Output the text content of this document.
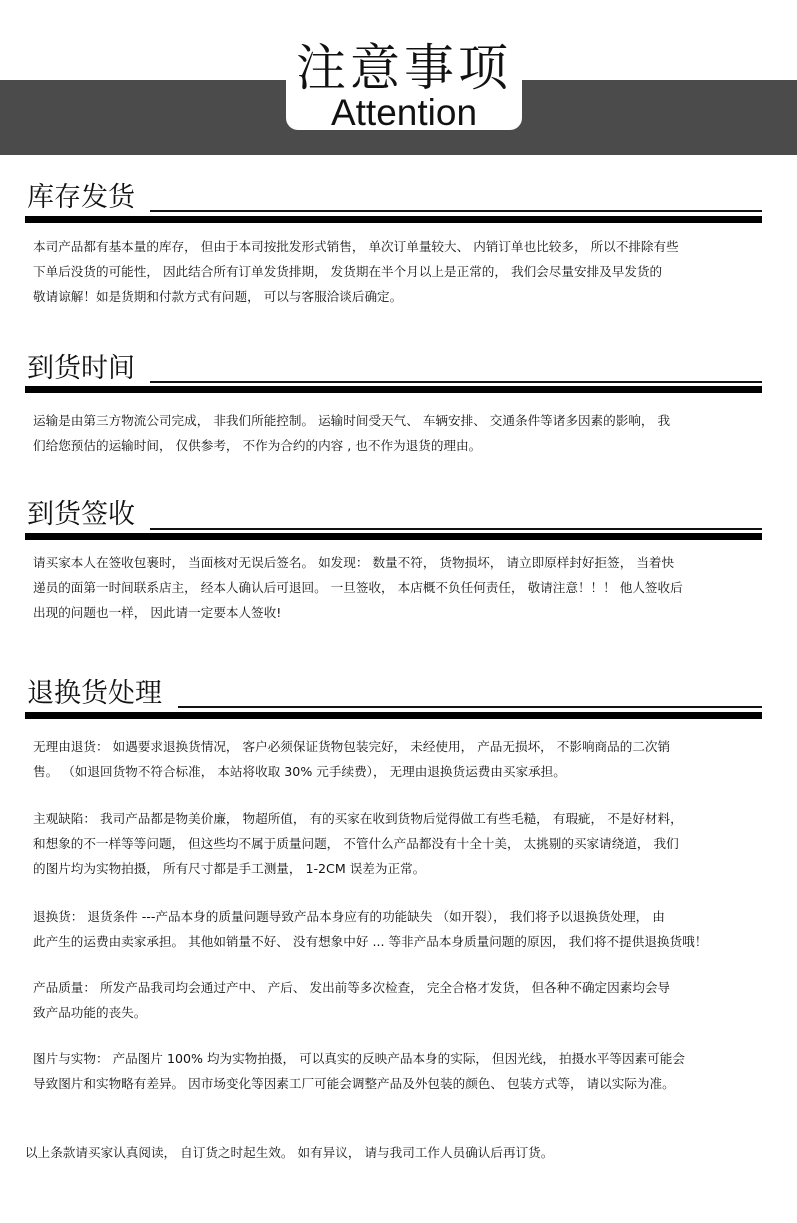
注意事项
Attention
库存发货
本司产品都有基本量的库存， 但由于本司按批发形式销售， 单次订单量较大、 内销订单也比较多， 所以不排除有些
下单后没货的可能性， 因此结合所有订单发货排期， 发货期在半个月以上是正常的， 我们会尽量安排及早发货的
敬请谅解！如是货期和付款方式有问题， 可以与客服洽谈后确定。
到货时间
运输是由第三方物流公司完成， 非我们所能控制。 运输时间受天气、 车辆安排、 交通条件等诸多因素的影响， 我
们给您预估的运输时间， 仅供参考， 不作为合约的内容 , 也不作为退货的理由。
到货签收
请买家本人在签收包裹时， 当面核对无误后签名。 如发现： 数量不符， 货物损坏， 请立即原样封好拒签， 当着快
递员的面第一时间联系店主， 经本人确认后可退回。 一旦签收， 本店概不负任何责任， 敬请注意！！！ 他人签收后
出现的问题也一样， 因此请一定要本人签收!
退换货处理
无理由退货： 如遇要求退换货情况， 客户必须保证货物包装完好， 未经使用， 产品无损坏， 不影响商品的二次销
售。 （如退回货物不符合标准， 本站将收取 30% 元手续费）， 无理由退换货运费由买家承担。
主观缺陷： 我司产品都是物美价廉， 物超所值， 有的买家在收到货物后觉得做工有些毛糙， 有瑕疵， 不是好材料，
和想象的不一样等等问题， 但这些均不属于质量问题， 不管什么产品都没有十全十美， 太挑剔的买家请绕道， 我们
的图片均为实物拍摄， 所有尺寸都是手工测量， 1-2CM 误差为正常。
退换货： 退货条件 ---产品本身的质量问题导致产品本身应有的功能缺失 （如开裂）， 我们将予以退换货处理， 由
此产生的运费由卖家承担。 其他如销量不好、 没有想象中好 ... 等非产品本身质量问题的原因， 我们将不提供退换货哦！
产品质量： 所发产品我司均会通过产中、 产后、 发出前等多次检查， 完全合格才发货， 但各种不确定因素均会导
致产品功能的丧失。
图片与实物： 产品图片 100% 均为实物拍摄， 可以真实的反映产品本身的实际， 但因光线， 拍摄水平等因素可能会
导致图片和实物略有差异。 因市场变化等因素工厂可能会调整产品及外包装的颜色、 包装方式等， 请以实际为准。
以上条款请买家认真阅读， 自订货之时起生效。 如有异议， 请与我司工作人员确认后再订货。
